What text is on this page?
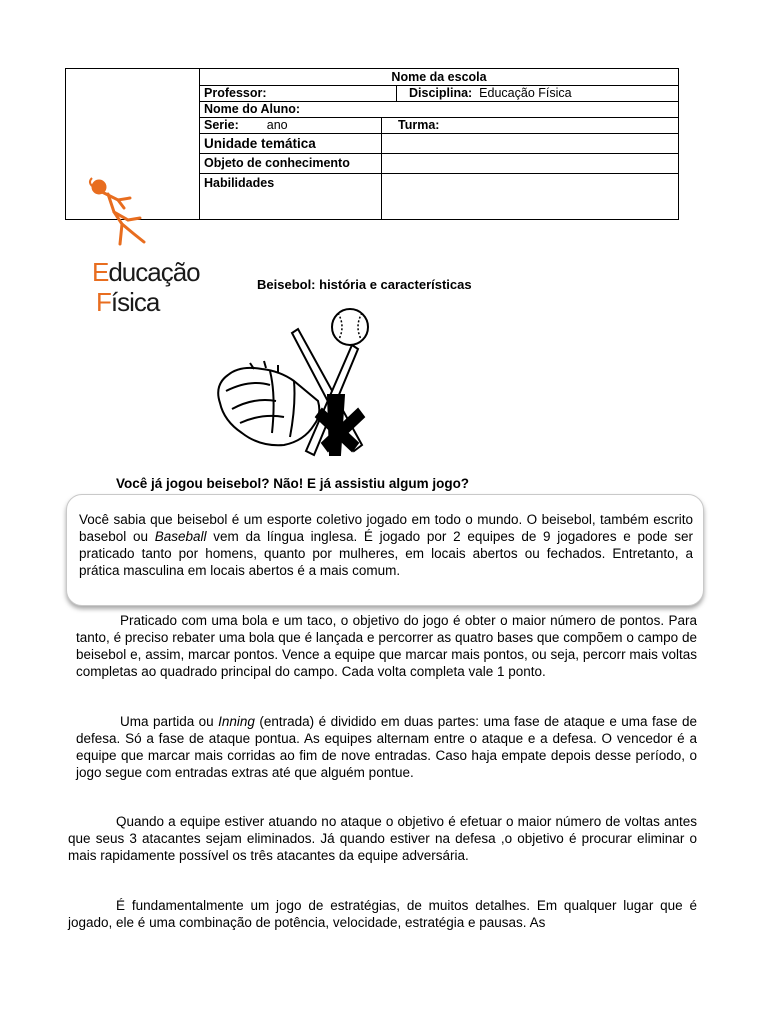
	Nome da escola		
	Professor:		Disciplina: Educação Física
	Nome do Aluno:		
	Serie: ano	Turma:	
	Unidade temática		
	Objeto de conhecimento		
	Habilidades		
Educação
Física
Beisebol: história e características
Você já jogou beisebol? Não! E já assistiu algum jogo?

Você sabia que beisebol é um esporte coletivo jogado em todo o mundo. O beisebol, também escrito basebol ou Baseball vem da língua inglesa. É jogado por 2 equipes de 9 jogadores e pode ser praticado tanto por homens, quanto por mulheres, em locais abertos ou fechados. Entretanto, a prática masculina em locais abertos é a mais comum.

Praticado com uma bola e um taco, o objetivo do jogo é obter o maior número de pontos. Para tanto, é preciso rebater uma bola que é lançada e percorrer as quatro bases que compõem o campo de beisebol e, assim, marcar pontos. Vence a equipe que marcar mais pontos, ou seja, percorr mais voltas completas ao quadrado principal do campo. Cada volta completa vale 1 ponto.

Uma partida ou Inning (entrada) é dividido em duas partes: uma fase de ataque e uma fase de defesa. Só a fase de ataque pontua. As equipes alternam entre o ataque e a defesa. O vencedor é a equipe que marcar mais corridas ao fim de nove entradas. Caso haja empate depois desse período, o jogo segue com entradas extras até que alguém pontue.

Quando a equipe estiver atuando no ataque o objetivo é efetuar o maior número de voltas antes que seus 3 atacantes sejam eliminados. Já quando estiver na defesa ,o objetivo é procurar eliminar o mais rapidamente possível os três atacantes da equipe adversária.

É fundamentalmente um jogo de estratégias, de muitos detalhes. Em qualquer lugar que é jogado, ele é uma combinação de potência, velocidade, estratégia e pausas. As
